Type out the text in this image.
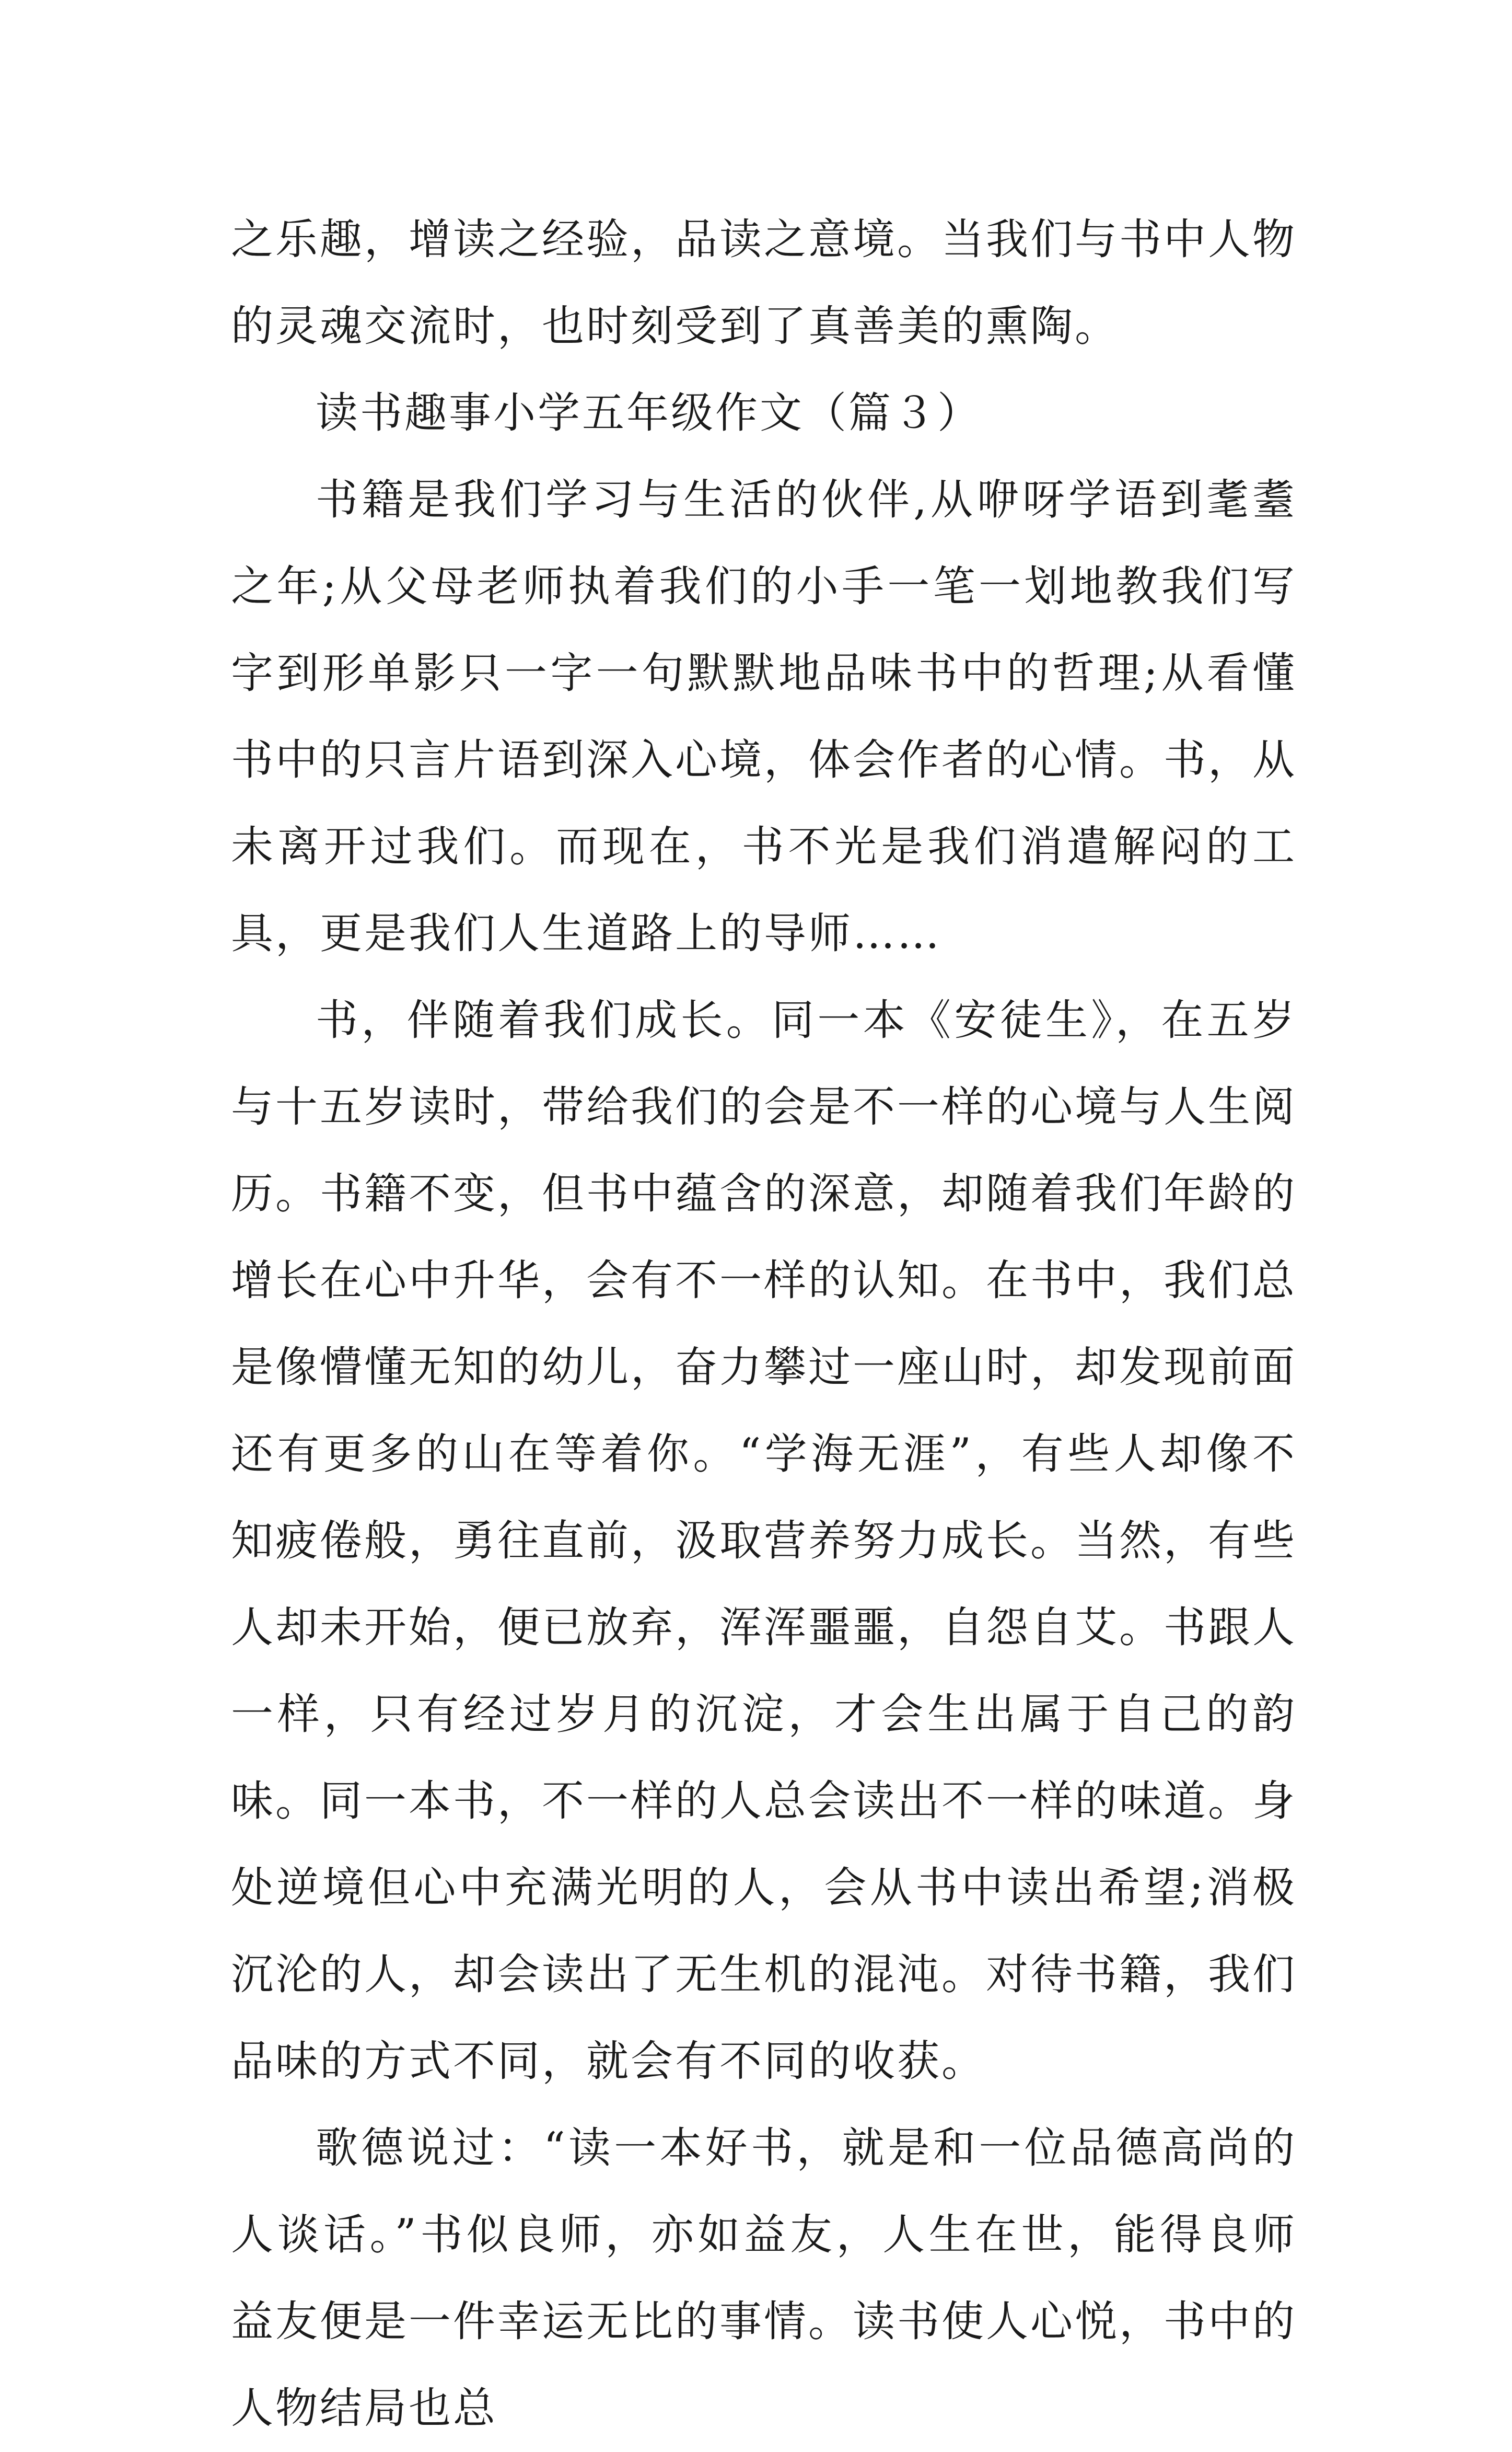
之乐趣，增读之经验，品读之意境。当我们与书中人物的灵魂交流时，也时刻受到了真善美的熏陶。

读书趣事小学五年级作文（篇３）

书籍是我们学习与生活的伙伴,从咿呀学语到耄耋之年;从父母老师执着我们的小手一笔一划地教我们写字到形单影只一字一句默默地品味书中的哲理;从看懂书中的只言片语到深入心境，体会作者的心情。书，从未离开过我们。而现在，书不光是我们消遣解闷的工具，更是我们人生道路上的导师……

书，伴随着我们成长。同一本《安徒生》，在五岁与十五岁读时，带给我们的会是不一样的心境与人生阅历。书籍不变，但书中蕴含的深意，却随着我们年龄的增长在心中升华，会有不一样的认知。在书中，我们总是像懵懂无知的幼儿，奋力攀过一座山时，却发现前面还有更多的山在等着你。“学海无涯”，有些人却像不知疲倦般，勇往直前，汲取营养努力成长。当然，有些人却未开始，便已放弃，浑浑噩噩，自怨自艾。书跟人一样，只有经过岁月的沉淀，才会生出属于自己的韵味。同一本书，不一样的人总会读出不一样的味道。身处逆境但心中充满光明的人，会从书中读出希望;消极沉沦的人，却会读出了无生机的混沌。对待书籍，我们品味的方式不同，就会有不同的收获。

歌德说过：“读一本好书，就是和一位品德高尚的人谈话。”书似良师，亦如益友，人生在世，能得良师益友便是一件幸运无比的事情。读书使人心悦，书中的人物结局也总
